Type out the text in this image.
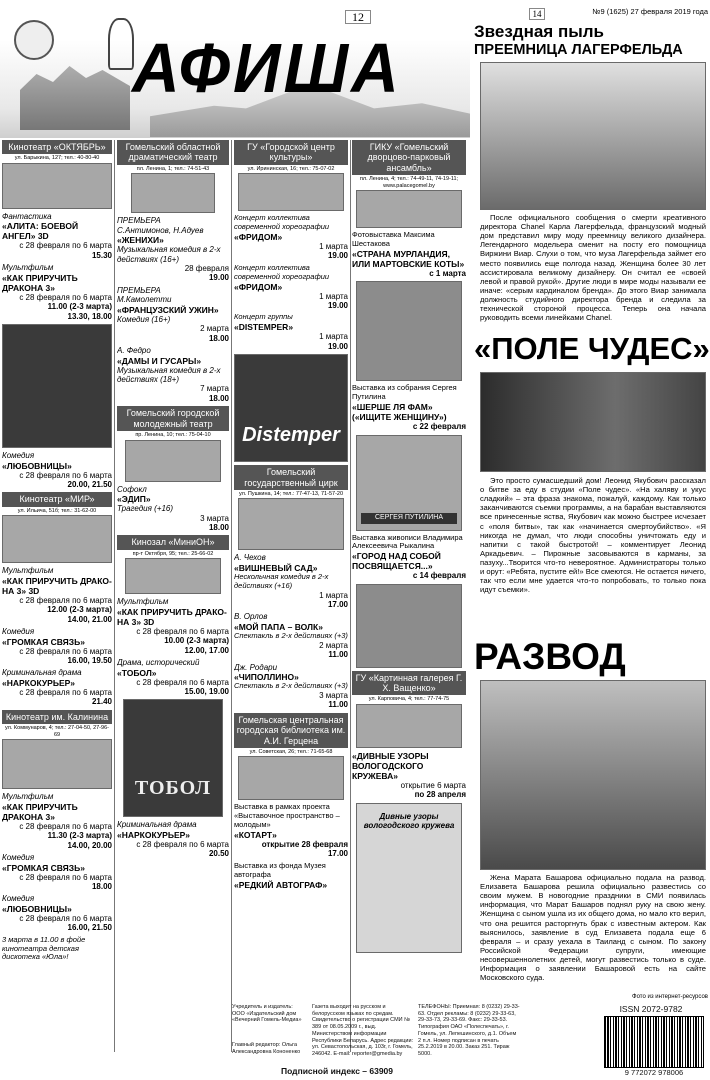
АФИША
12	14	№9 (1625) 27 февраля 2019 года
Кинотеатр «ОКТЯБРЬ»
ул. Барыкина, 127; тел.: 40-80-40
Фантастика
«АЛИТА: БОЕВОЙ АНГЕЛ» 3D
с 28 февраля по 6 марта
15.30
Мультфильм
«КАК ПРИРУЧИТЬ ДРАКОНА 3»
с 28 февраля по 6 марта
11.00 (2-3 марта)
13.30, 18.00
Комедия
«ЛЮБОВНИЦЫ»
с 28 февраля по 6 марта
20.00, 21.50
Кинотеатр «МИР»
ул. Ильича, 51б; тел.: 31-62-00
Мультфильм
«КАК ПРИРУЧИТЬ ДРАКО-НА 3» 3D
с 28 февраля по 6 марта
12.00 (2-3 марта)
14.00, 21.00
Комедия
«ГРОМКАЯ СВЯЗЬ»
с 28 февраля по 6 марта
16.00, 19.50
Криминальная драма
«НАРКОКУРЬЕР»
с 28 февраля по 6 марта
21.40
Кинотеатр им. Калинина
ул. Коммунаров, 4; тел.: 27-04-50, 27-96-69
Мультфильм
«КАК ПРИРУЧИТЬ ДРАКОНА 3»
с 28 февраля по 6 марта
11.30 (2-3 марта)
14.00, 20.00
Комедия
«ГРОМКАЯ СВЯЗЬ»
с 28 февраля по 6 марта
18.00
Комедия
«ЛЮБОВНИЦЫ»
с 28 февраля по 6 марта
16.00, 21.50
3 марта в 11.00 в фойе кинотеатра детская дискотека «Юла»!
Гомельский областной драматический театр
пл. Ленина, 1; тел.: 74-51-43
ПРЕМЬЕРА
С.Антимонов, Н.Адуев
«ЖЕНИХИ»
Музыкальная комедия в 2-х действиях (16+)
28 февраля
19.00
ПРЕМЬЕРА
М.Камолетти
«ФРАНЦУЗСКИЙ УЖИН»
Комедия (16+)
2 марта
18.00
А. Федро
«ДАМЫ И ГУСАРЫ»
Музыкальная комедия в 2-х действиях (18+)
7 марта
18.00
Гомельский городской молодежный театр
пр. Ленина, 10; тел.: 75-04-10
Софокл
«ЭДИП»
Трагедия (+16)
3 марта
18.00
Кинозал «МиниОН»
пр-т Октября, 95; тел.: 25-66-02
Мультфильм
«КАК ПРИРУЧИТЬ ДРАКО-НА 3» 3D
с 28 февраля по 6 марта
10.00 (2-3 марта)
12.00, 17.00
Драма, исторический
«ТОБОЛ»
с 28 февраля по 6 марта
15.00, 19.00
ТОБОЛ
Криминальная драма
«НАРКОКУРЬЕР»
с 28 февраля по 6 марта
20.50
ГУ «Городской центр культуры»
ул. Ирининская, 16; тел.: 75-07-02
Концерт коллектива современной хореографии
«ФРИДОМ»
1 марта
19.00
Концерт коллектива современной хореографии
«ФРИДОМ»
1 марта
19.00
Концерт группы
«DISTEMPER»
1 марта
19.00
Distemper
Гомельский государственный цирк
ул. Пушкина, 14; тел.: 77-47-13, 71-57-20
А. Чехов
«ВИШНЕВЫЙ САД»
Нескольчная комедия в 2-х действиях (+16)
1 марта
17.00
В. Орлов
«МОЙ ПАПА – ВОЛК»
Спектакль в 2-х действиях (+3)
2 марта
11.00
Дж. Родари
«ЧИПОЛЛИНО»
Спектакль в 2-х действиях (+3)
3 марта
11.00
Гомельская центральная городская библиотека им. А.И. Герцена
ул. Советская, 26; тел.: 71-65-68
Выставка в рамках проекта «Выставочное пространство – молодым»
«КОТАРТ»
открытие 28 февраля
17.00
Выставка из фонда Музея автографа
«РЕДКИЙ АВТОГРАФ»
ГИКУ «Гомельский дворцово-парковый ансамбль»
пл. Ленина, 4; тел.: 74-49-11, 74-19-11; www.palacegomel.by
Фотовыставка Максима Шестакова
«СТРАНА МУРЛАНДИЯ, ИЛИ МАРТОВСКИЕ КОТЫ»
с 1 марта
Выставка из собрания Сергея Путилина
«ШЕРШЕ ЛЯ ФАМ» («ИЩИТЕ ЖЕНЩИНУ»)
с 22 февраля
СЕРГЕЯ ПУТИЛИНА
Выставка живописи Владимира Алексеевича Рыкалина
«ГОРОД НАД СОБОЙ ПОСВЯЩАЕТСЯ...»
с 14 февраля
ГУ «Картинная галерея Г. Х. Ващенко»
ул. Карповича, 4; тел.: 77-74-75
«ДИВНЫЕ УЗОРЫ ВОЛОГОДСКОГО КРУЖЕВА»
открытие 6 марта
по 28 апреля
Дивные узоры вологодского кружева
Звездная пыль
ПРЕЕМНИЦА ЛАГЕРФЕЛЬДА
После официального сообщения о смерти креативного директора Chanel Карла Лагерфельда, французский модный дом представил миру моду преемницу великого дизайнера. Легендарного модельера сменит на посту его помощница Виржини Виар. Слухи о том, что муза Лагерфельда займет его место появились еще полгода назад. Женщина более 30 лет ассистировала великому дизайнеру. Он считал ее «своей левой и правой рукой». Другие люди в мире моды называли ее иначе: «серым кардиналом бренда». До этого Виар занимала должность студийного директора бренда и следила за технической стороной процесса. Теперь она начала руководить всеми линейками Chanel.
«ПОЛЕ ЧУДЕС»
Это просто сумасшедший дом! Леонид Якубович рассказал о битве за еду в студии «Поле чудес». «На халяву и укус сладкий» – эта фраза знакома, пожалуй, каждому. Как только заканчиваются съемки программы, а на барабан выставляются все принесенные яства, Якубович как можно быстрее исчезает с «поля битвы», так как «начинается смертоубийство». «Я никогда не думал, что люди способны уничтожать еду и напитки с такой быстротой! – комментирует Леонид Аркадьевич. – Пирожные засовываются в карманы, за пазуху...Творится что-то невероятное. Администраторы только и орут: «Ребята, пустите ей!» Все смеются. Не остается ничего, так что если мне удается что-то попробовать, то только пока идут съемки».
РАЗВОД
Жена Марата Башарова официально подала на развод. Елизавета Башарова решила официально развестись со своим мужем. В новогодние праздники в СМИ появилась информация, что Марат Башаров поднял руку на свою жену. Женщина с сыном ушла из их общего дома, но мало кто верил, что она решится расторгнуть брак с известным актером. Как выяснилось, заявление в суд Елизавета подала еще 6 февраля – и сразу уехала в Таиланд с сыном. По закону Российской Федерации супруги, имеющие несовершеннолетних детей, могут развестись только в суде. Информация о заявлении Башаровой есть на сайте Московского суда.
Фото из интернет-ресурсов
Учредитель и издатель: ООО «Издательский дом «Вечерний Гомель-Медиа»
Главный редактор: Ольга Александровна Кононенко
Газета выходит на русском и белорусском языках по средам. Свидетельство о регистрации СМИ № 389 от 08.05.2009 г., выд. Министерством информации Республики Беларусь. Адрес редакции: ул. Севастопольская, д. 103г, г. Гомель, 246042. E-mail: reporter@gmedia.by
ТЕЛЕФОНЫ: Приемная: 8 (0232) 29-33-63. Отдел рекламы: 8 (0232) 29-33-63, 29-33-73, 29-33-69. Факс: 29-33-53. Типография ОАО «Полеспечать», г. Гомель, ул. Лепешинского, д.1. Объем 2 п.л. Номер подписан в печать 25.2.2019 в 20.00. Заказ 251. Тираж 5000.
Подписной индекс – 63909
ISSN 2072-9782
9 772072 978006
